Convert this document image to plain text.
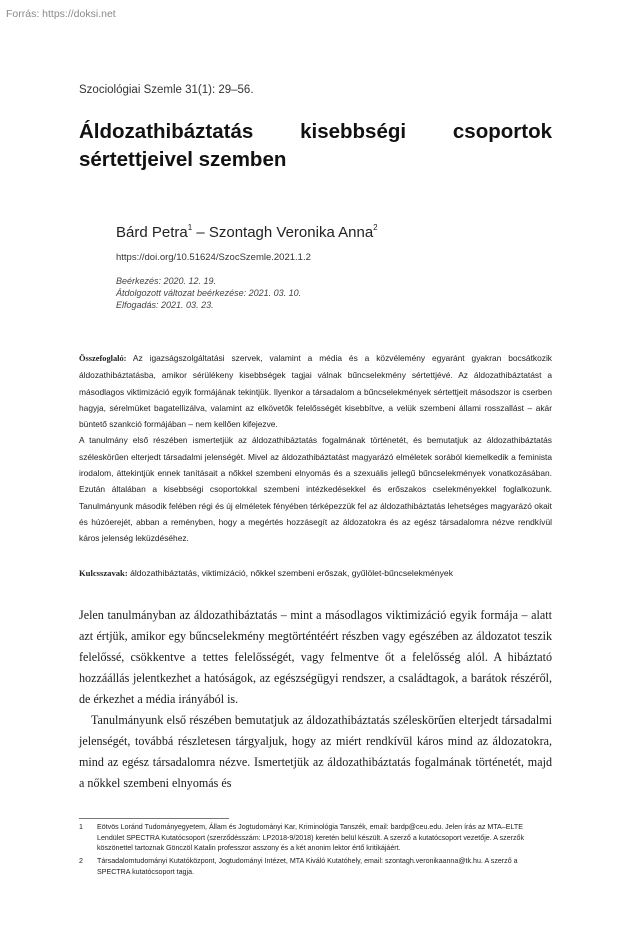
Forrás: https://doksi.net
Szociológiai Szemle 31(1): 29–56.
Áldozathibáztatás kisebbségi csoportok
sértettjeivel szemben
Bárd Petra$^1$ – Szontagh Veronika Anna$^2$
https://doi.org/10.51624/SzocSzemle.2021.1.2
Beérkezés: 2020. 12. 19.
Átdolgozott változat beérkezése: 2021. 03. 10.
Elfogadás: 2021. 03. 23.

Összefoglaló: Az igazságszolgáltatási szervek, valamint a média és a közvélemény egyaránt gyakran bocsátkozik áldozathibáztatásba, amikor sérülékeny kisebbségek tagjai válnak bűncselekmény sértettjévé. Az áldozathibáztatást a másodlagos viktimizáció egyik formájának tekintjük. Ilyenkor a társadalom a bűncselekmények sértettjeit másodszor is cserben hagyja, sérelmüket bagatellizálva, valamint az elkövetők felelősségét kisebbítve, a velük szembeni állami rosszallást – akár büntető szankció formájában – nem kellően kifejezve.

A tanulmány első részében ismertetjük az áldozathibáztatás fogalmának történetét, és bemutatjuk az áldozathibáztatás széleskörűen elterjedt társadalmi jelenségét. Mivel az áldozathibáztatást magyarázó elméletek sorából kiemelkedik a feminista irodalom, áttekintjük ennek tanításait a nőkkel szembeni elnyomás és a szexuális jellegű bűncselekmények vonatkozásában. Ezután általában a kisebbségi csoportokkal szembeni intézkedésekkel és erőszakos cselekményekkel foglalkozunk. Tanulmányunk második felében régi és új elméletek fényében térképezzük fel az áldozathibáztatás lehetséges magyarázó okait és húzóerejét, abban a reményben, hogy a megértés hozzásegít az áldozatokra és az egész társadalomra nézve rendkívül káros jelenség leküzdéséhez.

Kulcsszavak: áldozathibáztatás, viktimizáció, nőkkel szembeni erőszak, gyűlölet-bűncselekmények

Jelen tanulmányban az áldozathibáztatás – mint a másodlagos viktimizáció egyik formája – alatt azt értjük, amikor egy bűncselekmény megtörténtéért részben vagy egészében az áldozatot teszik felelőssé, csökkentve a tettes felelősségét, vagy felmentve őt a felelősség alól. A hibáztató hozzáállás jelentkezhet a hatóságok, az egészségügyi rendszer, a családtagok, a barátok részéről, de érkezhet a média irányából is.

Tanulmányunk első részében bemutatjuk az áldozathibáztatás széleskörűen elterjedt társadalmi jelenségét, továbbá részletesen tárgyaljuk, hogy az miért rendkívül káros mind az áldozatokra, mind az egész társadalomra nézve. Ismertetjük az áldozathibáztatás fogalmának történetét, majd a nőkkel szembeni elnyomás és

1 Eötvös Loránd Tudományegyetem, Állam és Jogtudományi Kar, Kriminológia Tanszék, email: bardp@ceu.edu. Jelen írás az MTA–ELTE Lendület SPECTRA Kutatócsoport (szerződésszám: LP2018-9/2018) keretén belül készült. A szerző a kutatócsoport vezetője. A szerzők köszönettel tartoznak Gönczöl Katalin professzor asszony és a két anonim lektor értő kritikájáért.
2 Társadalomtudományi Kutatóközpont, Jogtudományi Intézet, MTA Kiváló Kutatóhely, email: szontagh.veronikaanna@tk.hu. A szerző a SPECTRA kutatócsoport tagja.
